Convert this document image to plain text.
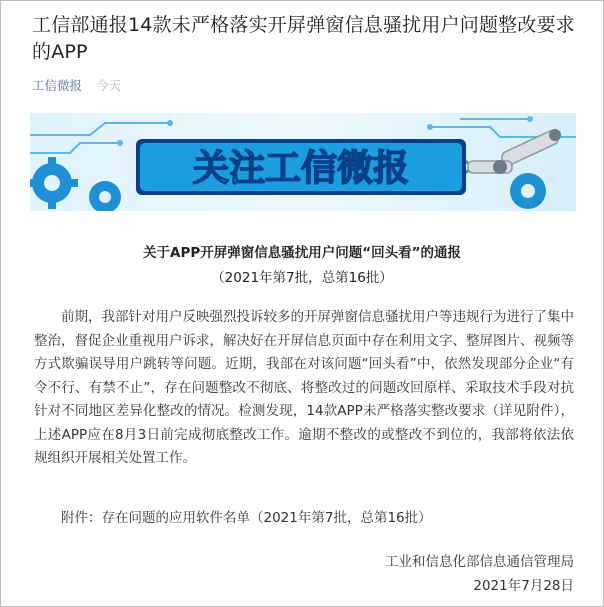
工信部通报14款未严格落实开屏弹窗信息骚扰用户问题整改要求的APP
工信微报 今天
关注工信微报
关于APP开屏弹窗信息骚扰用户问题“回头看”的通报
（2021年第7批，总第16批）
前期，我部针对用户反映强烈投诉较多的开屏弹窗信息骚扰用户等违规行为进行了集中整治，督促企业重视用户诉求，解决好在开屏信息页面中存在利用文字、整屏图片、视频等方式欺骗误导用户跳转等问题。近期，我部在对该问题“回头看”中，依然发现部分企业“有令不行、有禁不止”，存在问题整改不彻底、将整改过的问题改回原样、采取技术手段对抗针对不同地区差异化整改的情况。检测发现，14款APP未严格落实整改要求（详见附件），上述APP应在8月3日前完成彻底整改工作。逾期不整改的或整改不到位的，我部将依法依规组织开展相关处置工作。
附件：存在问题的应用软件名单（2021年第7批，总第16批）
工业和信息化部信息通信管理局
2021年7月28日
